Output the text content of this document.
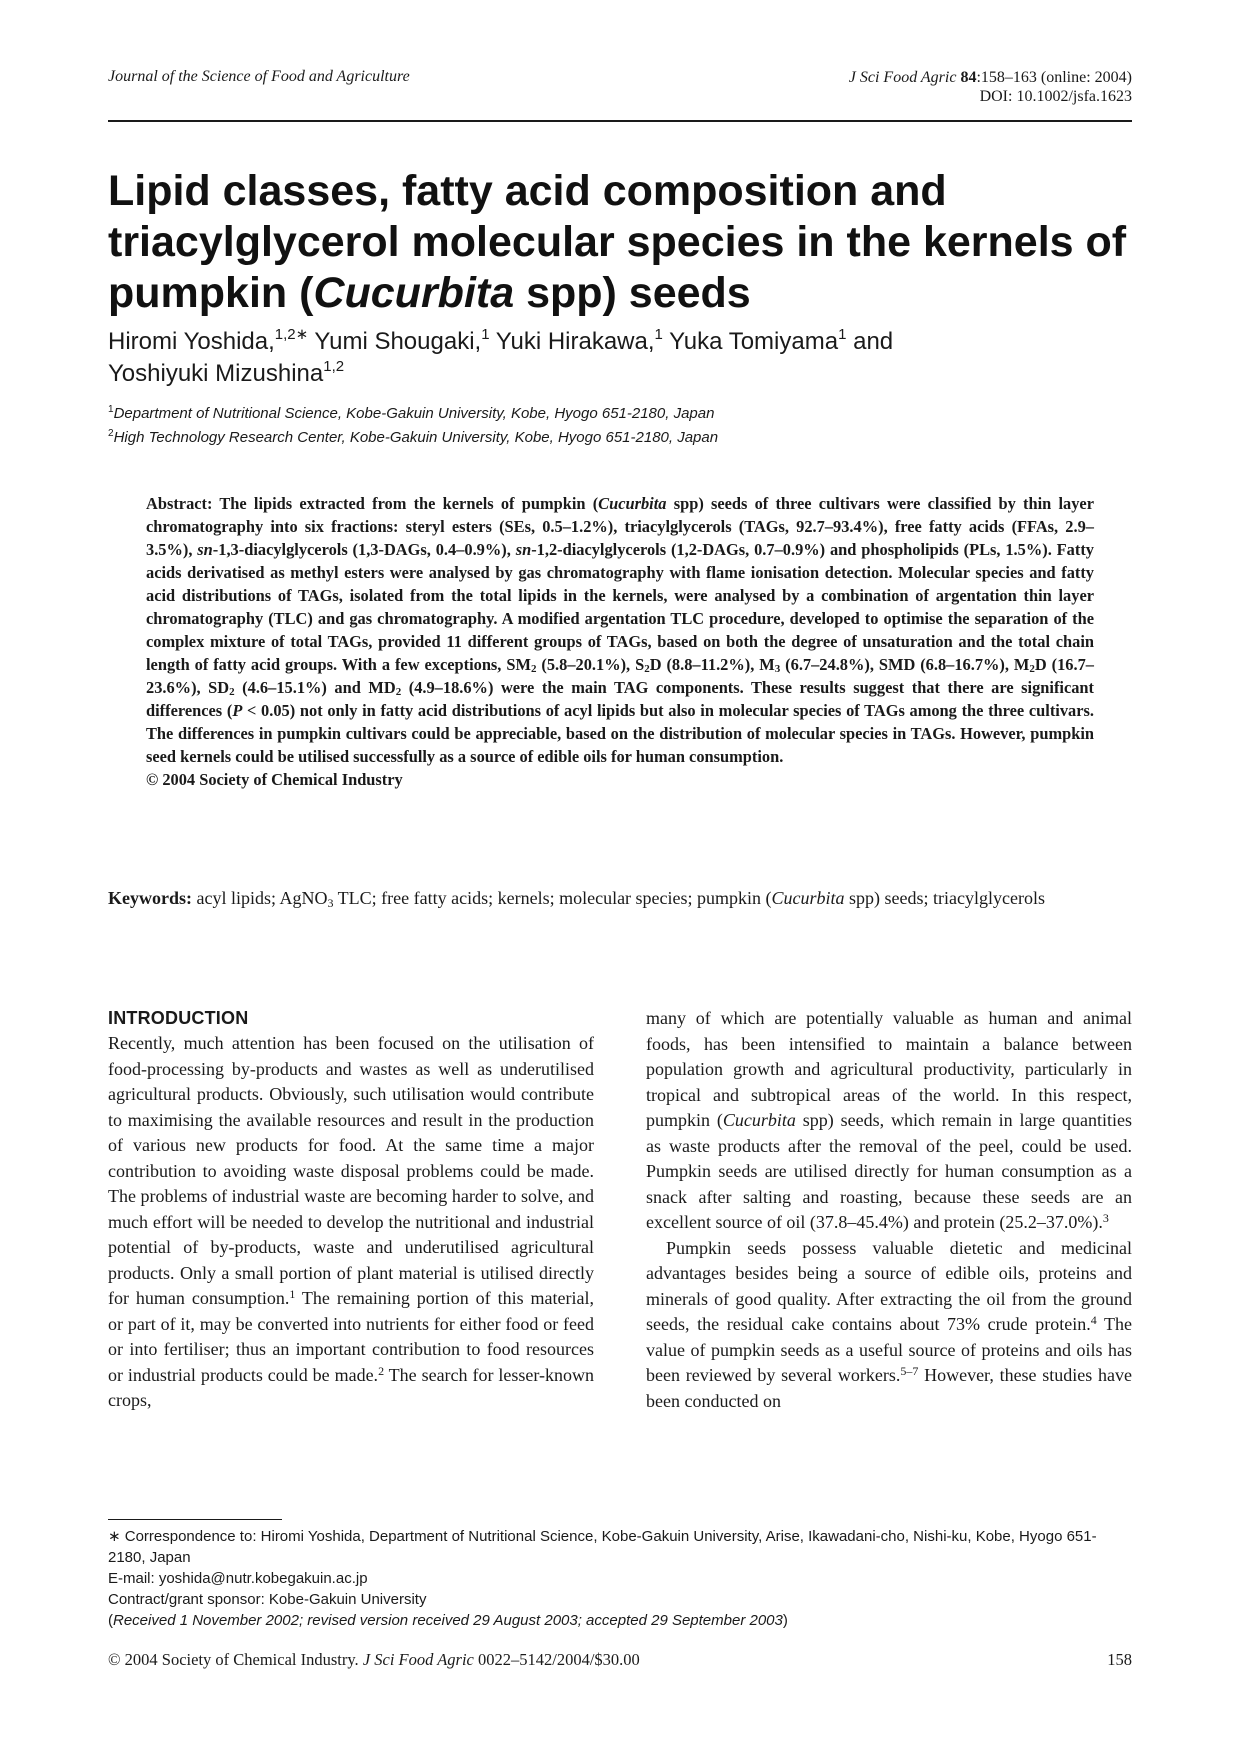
Journal of the Science of Food and Agriculture	J Sci Food Agric 84:158–163 (online: 2004)
DOI: 10.1002/jsfa.1623
Lipid classes, fatty acid composition and triacylglycerol molecular species in the kernels of pumpkin (Cucurbita spp) seeds
Hiromi Yoshida,$^{1,2∗}$ Yumi Shougaki,$^1$ Yuki Hirakawa,$^1$ Yuka Tomiyama$^1$ and
Yoshiyuki Mizushina$^{1,2}$
$^1$Department of Nutritional Science, Kobe-Gakuin University, Kobe, Hyogo 651-2180, Japan
$^2$High Technology Research Center, Kobe-Gakuin University, Kobe, Hyogo 651-2180, Japan
Abstract: The lipids extracted from the kernels of pumpkin (Cucurbita spp) seeds of three cultivars were classified by thin layer chromatography into six fractions: steryl esters (SEs, 0.5–1.2%), triacylglycerols (TAGs, 92.7–93.4%), free fatty acids (FFAs, 2.9–3.5%), sn-1,3-diacylglycerols (1,3-DAGs, 0.4–0.9%), sn-1,2-diacylglycerols (1,2-DAGs, 0.7–0.9%) and phospholipids (PLs, 1.5%). Fatty acids derivatised as methyl esters were analysed by gas chromatography with flame ionisation detection. Molecular species and fatty acid distributions of TAGs, isolated from the total lipids in the kernels, were analysed by a combination of argentation thin layer chromatography (TLC) and gas chromatography. A modified argentation TLC procedure, developed to optimise the separation of the complex mixture of total TAGs, provided 11 different groups of TAGs, based on both the degree of unsaturation and the total chain length of fatty acid groups. With a few exceptions, $SM_2$ (5.8–20.1%), $S_2D$ (8.8–11.2%), $M_3$ (6.7–24.8%), SMD (6.8–16.7%), $M_2D$ (16.7–23.6%), $SD_2$ (4.6–15.1%) and $MD_2$ (4.9–18.6%) were the main TAG components. These results suggest that there are significant differences (P < 0.05) not only in fatty acid distributions of acyl lipids but also in molecular species of TAGs among the three cultivars. The differences in pumpkin cultivars could be appreciable, based on the distribution of molecular species in TAGs. However, pumpkin seed kernels could be utilised successfully as a source of edible oils for human consumption.
© 2004 Society of Chemical Industry
Keywords: acyl lipids; AgNO$_3$ TLC; free fatty acids; kernels; molecular species; pumpkin (Cucurbita spp) seeds; triacylglycerols
INTRODUCTION

Recently, much attention has been focused on the utilisation of food-processing by-products and wastes as well as underutilised agricultural products. Obviously, such utilisation would contribute to maximising the available resources and result in the production of various new products for food. At the same time a major contribution to avoiding waste disposal problems could be made. The problems of industrial waste are becoming harder to solve, and much effort will be needed to develop the nutritional and industrial potential of by-products, waste and underutilised agricultural products. Only a small portion of plant material is utilised directly for human consumption.$^1$ The remaining portion of this material, or part of it, may be converted into nutrients for either food or feed or into fertiliser; thus an important contribution to food resources or industrial products could be made.$^2$ The search for lesser-known crops,

many of which are potentially valuable as human and animal foods, has been intensified to maintain a balance between population growth and agricultural productivity, particularly in tropical and subtropical areas of the world. In this respect, pumpkin (Cucurbita spp) seeds, which remain in large quantities as waste products after the removal of the peel, could be used. Pumpkin seeds are utilised directly for human consumption as a snack after salting and roasting, because these seeds are an excellent source of oil (37.8–45.4%) and protein (25.2–37.0%).$^3$

Pumpkin seeds possess valuable dietetic and medicinal advantages besides being a source of edible oils, proteins and minerals of good quality. After extracting the oil from the ground seeds, the residual cake contains about 73% crude protein.$^4$ The value of pumpkin seeds as a useful source of proteins and oils has been reviewed by several workers.$^{5-7}$ However, these studies have been conducted on

∗ Correspondence to: Hiromi Yoshida, Department of Nutritional Science, Kobe-Gakuin University, Arise, Ikawadani-cho, Nishi-ku, Kobe, Hyogo 651-2180, Japan
E-mail: yoshida@nutr.kobegakuin.ac.jp
Contract/grant sponsor: Kobe-Gakuin University
(Received 1 November 2002; revised version received 29 August 2003; accepted 29 September 2003)
© 2004 Society of Chemical Industry. J Sci Food Agric 0022–5142/2004/$30.00	158
